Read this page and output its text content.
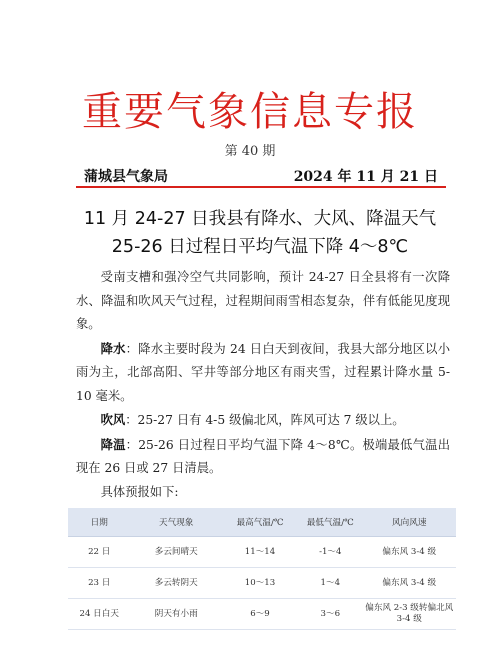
重要气象信息专报
第 40 期
蒲城县气象局	2024 年 11 月 21 日
11 月 24-27 日我县有降水、大风、降温天气
25-26 日过程日平均气温下降 4～8℃

受南支槽和强冷空气共同影响，预计 24-27 日全县将有一次降水、降温和吹风天气过程，过程期间雨雪相态复杂，伴有低能见度现象。

降水：降水主要时段为 24 日白天到夜间，我县大部分地区以小雨为主，北部高阳、罕井等部分地区有雨夹雪，过程累计降水量 5-10 毫米。

吹风：25-27 日有 4-5 级偏北风，阵风可达 7 级以上。

降温：25-26 日过程日平均气温下降 4～8℃。极端最低气温出现在 26 日或 27 日清晨。

具体预报如下:

日期	天气现象	最高气温/℃	最低气温/℃	风向风速
22 日	多云间晴天	11～14	-1～4	偏东风 3-4 级
23 日	多云转阴天	10～13	1～4	偏东风 3-4 级
24 日白天	阴天有小雨	6～9	3～6	偏东风 2-3 级转偏北风 3-4 级
